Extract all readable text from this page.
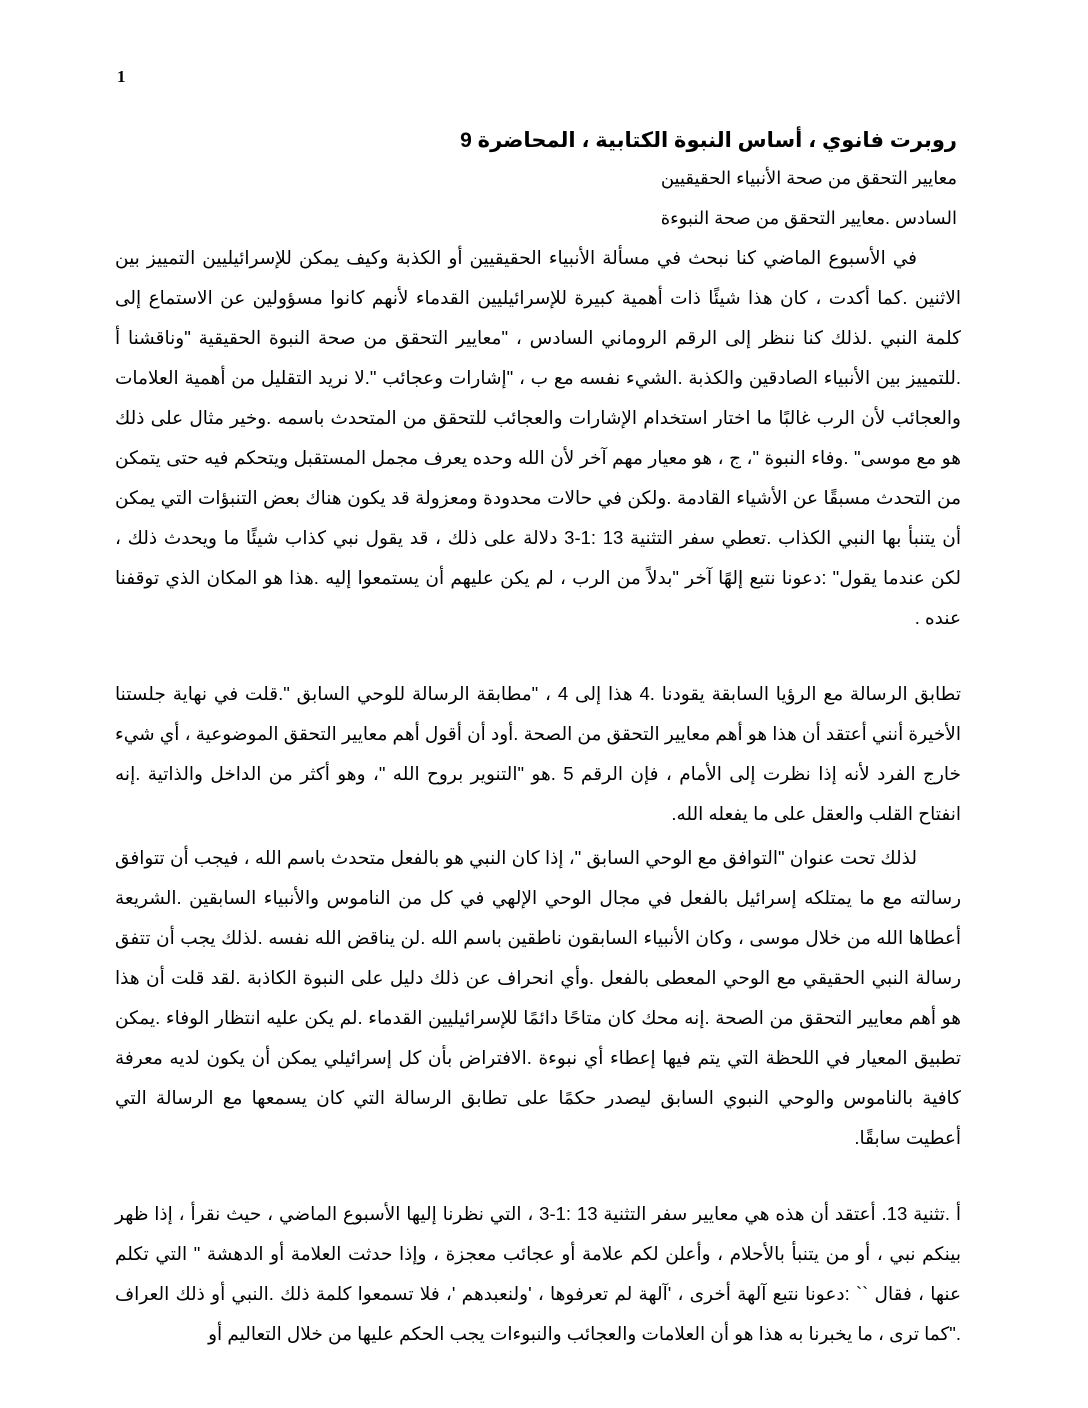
1
روبرت فانوي ، أساس النبوة الكتابية ، المحاضرة 9

معايير التحقق من صحة الأنبياء الحقيقيين

السادس .معايير التحقق من صحة النبوءة

في الأسبوع الماضي كنا نبحث في مسألة الأنبياء الحقيقيين أو الكذبة وكيف يمكن للإسرائيليين التمييز بين الاثنين .كما أكدت ، كان هذا شيئًا ذات أهمية كبيرة للإسرائيليين القدماء لأنهم كانوا مسؤولين عن الاستماع إلى كلمة النبي .لذلك كنا ننظر إلى الرقم الروماني السادس ، "معايير التحقق من صحة النبوة الحقيقية "وناقشنا أ .للتمييز بين الأنبياء الصادقين والكذبة .الشيء نفسه مع ب ، "إشارات وعجائب ".لا نريد التقليل من أهمية العلامات والعجائب لأن الرب غالبًا ما اختار استخدام الإشارات والعجائب للتحقق من المتحدث باسمه .وخير مثال على ذلك هو مع موسى" .وفاء النبوة "، ج ، هو معيار مهم آخر لأن الله وحده يعرف مجمل المستقبل ويتحكم فيه حتى يتمكن من التحدث مسبقًا عن الأشياء القادمة .ولكن في حالات محدودة ومعزولة قد يكون هناك بعض التنبؤات التي يمكن أن يتنبأ بها النبي الكذاب .تعطي سفر التثنية 13 :1-3 دلالة على ذلك ، قد يقول نبي كذاب شيئًا ما ويحدث ذلك ، لكن عندما يقول" :دعونا نتبع إلهًا آخر "بدلاً من الرب ، لم يكن عليهم أن يستمعوا إليه .هذا هو المكان الذي توقفنا عنده .

تطابق الرسالة مع الرؤيا السابقة يقودنا .4 هذا إلى 4 ، "مطابقة الرسالة للوحي السابق ".قلت في نهاية جلستنا الأخيرة أنني أعتقد أن هذا هو أهم معايير التحقق من الصحة .أود أن أقول أهم معايير التحقق الموضوعية ، أي شيء خارج الفرد لأنه إذا نظرت إلى الأمام ، فإن الرقم 5 .هو "التنوير بروح الله "، وهو أكثر من الداخل والذاتية .إنه انفتاح القلب والعقل على ما يفعله الله.

لذلك تحت عنوان "التوافق مع الوحي السابق "، إذا كان النبي هو بالفعل متحدث باسم الله ، فيجب أن تتوافق رسالته مع ما يمتلكه إسرائيل بالفعل في مجال الوحي الإلهي في كل من الناموس والأنبياء السابقين .الشريعة أعطاها الله من خلال موسى ، وكان الأنبياء السابقون ناطقين باسم الله .لن يناقض الله نفسه .لذلك يجب أن تتفق رسالة النبي الحقيقي مع الوحي المعطى بالفعل .وأي انحراف عن ذلك دليل على النبوة الكاذبة .لقد قلت أن هذا هو أهم معايير التحقق من الصحة .إنه محك كان متاحًا دائمًا للإسرائيليين القدماء .لم يكن عليه انتظار الوفاء .يمكن تطبيق المعيار في اللحظة التي يتم فيها إعطاء أي نبوءة .الافتراض بأن كل إسرائيلي يمكن أن يكون لديه معرفة كافية بالناموس والوحي النبوي السابق ليصدر حكمًا على تطابق الرسالة التي كان يسمعها مع الرسالة التي أعطيت سابقًا.

أ .تثنية 13. أعتقد أن هذه هي معايير سفر التثنية 13 :1-3 ، التي نظرنا إليها الأسبوع الماضي ، حيث نقرأ ، إذا ظهر بينكم نبي ، أو من يتنبأ بالأحلام ، وأعلن لكم علامة أو عجائب معجزة ، وإذا حدثت العلامة أو الدهشة " التي تكلم عنها ، فقال `` :دعونا نتبع آلهة أخرى ، 'آلهة لم تعرفوها ، 'ولنعبدهم '، فلا تسمعوا كلمة ذلك .النبي أو ذلك العراف ."كما ترى ، ما يخبرنا به هذا هو أن العلامات والعجائب والنبوءات يجب الحكم عليها من خلال التعاليم أو
